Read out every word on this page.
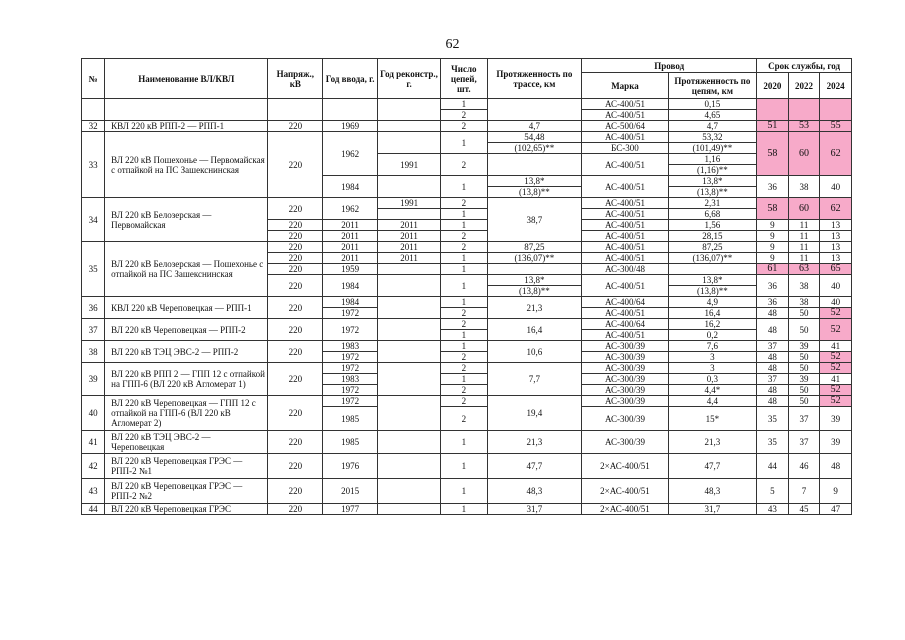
62
№	Наименование ВЛ/КВЛ	Напряж., кВ	Год ввода, г.	Год реконстр., г.	Число цепей, шт.	Протяженность по трассе, км	Провод		Срок службы, год		
							Марка	Протяженность по цепям, км	2020	2022	2024
					1		АС-400/51	0,15			
					2		АС-400/51	4,65			
32	КВЛ 220 кВ РПП-2 — РПП-1	220	1969		2	4,7	АС-500/64	4,7	51	53	55
33	ВЛ 220 кВ Пошехонье — Первомайская с отпайкой на ПС Зашекснинская	220	1962		1	54,48	АС-400/51	53,32	58	60	62
						(102,65)**	БС-300	(101,49)**			
				1991	2		АС-400/51	1,16			
								(1,16)**			
			1984		1	13,8*	АС-400/51	13,8*	36	38	40
						(13,8)**		(13,8)**			
34	ВЛ 220 кВ Белозерская — Первомайская	220	1962	1991	2	38,7	АС-400/51	2,31	58	60	62
					1		АС-400/51	6,68			
		220	2011	2011	1		АС-400/51	1,56	9	11	13
		220	2011	2011	2		АС-400/51	28,15	9	11	13
35	ВЛ 220 кВ Белозерская — Пошехонье с отпайкой на ПС Зашекснинская	220	2011	2011	2	87,25	АС-400/51	87,25	9	11	13
		220	2011	2011	1	(136,07)**	АС-400/51	(136,07)**	9	11	13
		220	1959		1		АС-300/48		61	63	65
		220	1984		1	13,8*	АС-400/51	13,8*	36	38	40
						(13,8)**		(13,8)**			
36	КВЛ 220 кВ Череповецкая — РПП-1	220	1984		1	21,3	АС-400/64	4,9	36	38	40
			1972		2		АС-400/51	16,4	48	50	52
37	ВЛ 220 кВ Череповецкая — РПП-2	220	1972		2	16,4	АС-400/64	16,2	48	50	52
					1		АС-400/51	0,2			
38	ВЛ 220 кВ ТЭЦ ЭВС-2 — РПП-2	220	1983		1	10,6	АС-300/39	7,6	37	39	41
			1972		2		АС-300/39	3	48	50	52
39	ВЛ 220 кВ РПП 2 — ГПП 12 с отпайкой на ГПП-6 (ВЛ 220 кВ Агломерат 1)	220	1972		2	7,7	АС-300/39	3	48	50	52
			1983		1		АС-300/39	0,3	37	39	41
			1972		2		АС-300/39	4,4*	48	50	52
40	ВЛ 220 кВ Череповецкая — ГПП 12 с отпайкой на ГПП-6 (ВЛ 220 кВ Агломерат 2)	220	1972		2	19,4	АС-300/39	4,4	48	50	52
			1985		2		АС-300/39	15*	35	37	39
41	ВЛ 220 кВ ТЭЦ ЭВС-2 — Череповецкая	220	1985		1	21,3	АС-300/39	21,3	35	37	39
42	ВЛ 220 кВ Череповецкая ГРЭС — РПП-2 №1	220	1976		1	47,7	2×АС-400/51	47,7	44	46	48
43	ВЛ 220 кВ Череповецкая ГРЭС — РПП-2 №2	220	2015		1	48,3	2×АС-400/51	48,3	5	7	9
44	ВЛ 220 кВ Череповецкая ГРЭС	220	1977		1	31,7	2×АС-400/51	31,7	43	45	47
